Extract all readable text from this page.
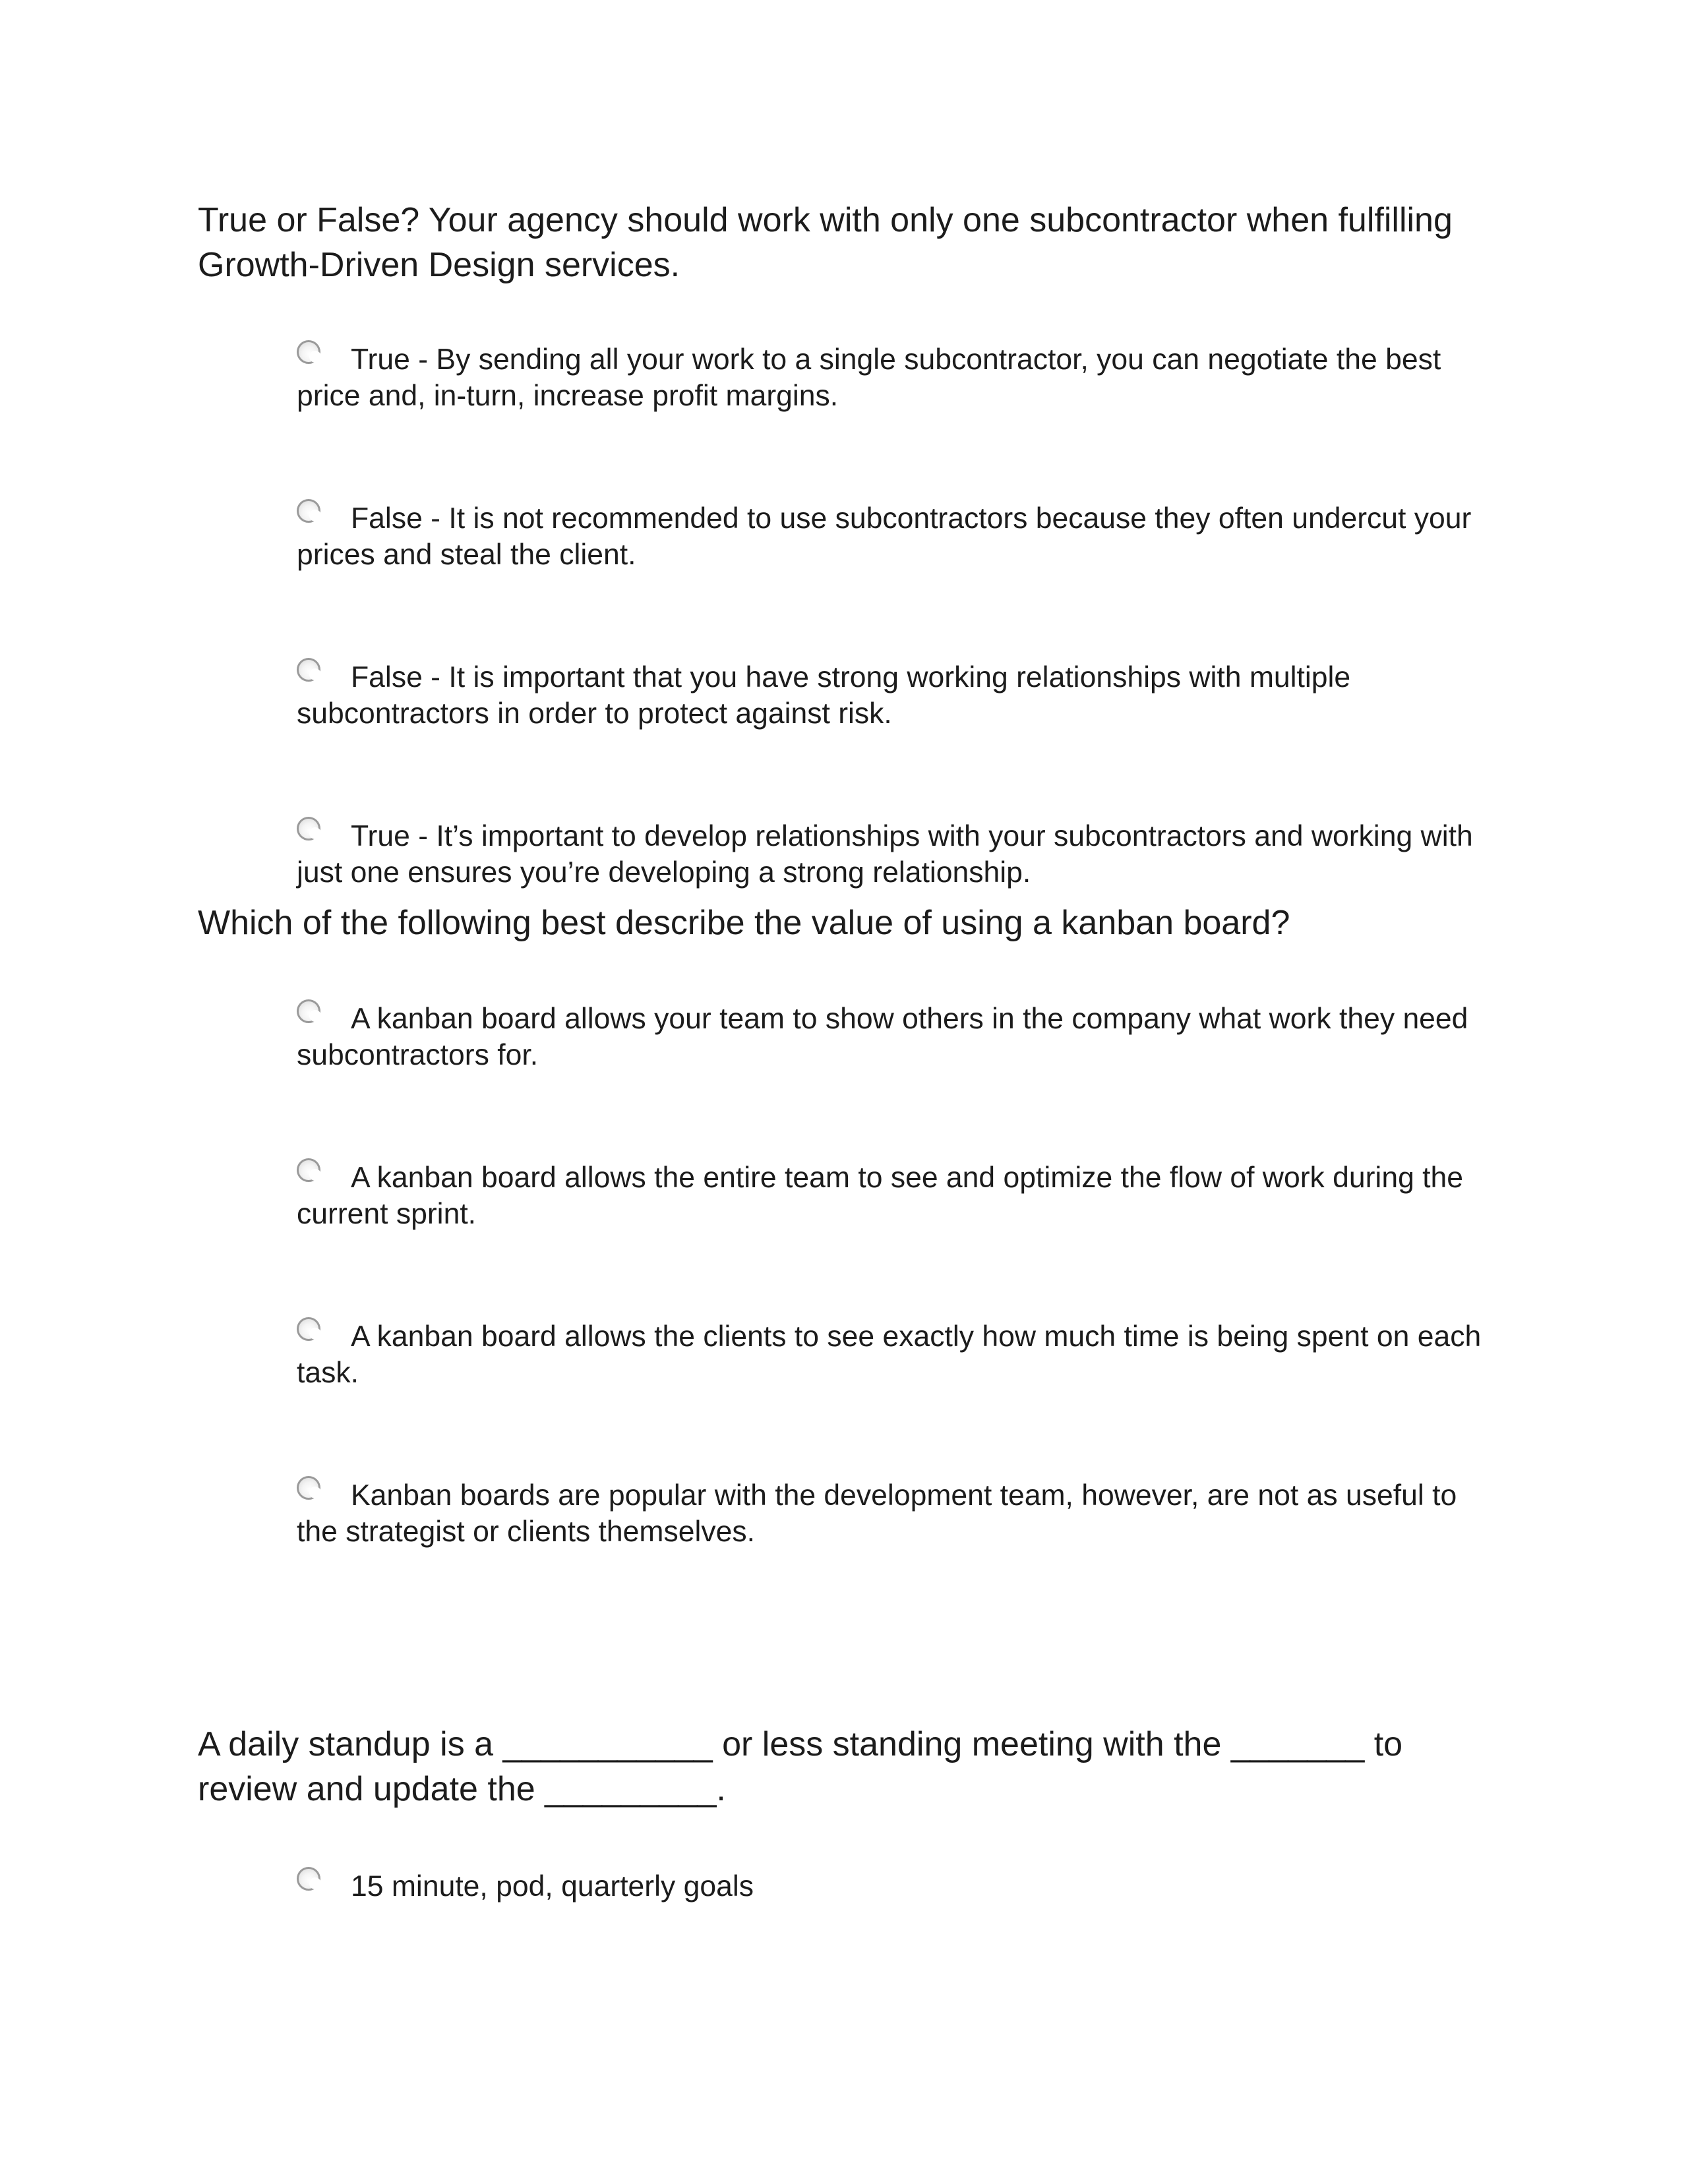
True or False? Your agency should work with only one subcontractor when fulfilling Growth-Driven Design services.

True - By sending all your work to a single subcontractor, you can negotiate the best price and, in-turn, increase profit margins.
False - It is not recommended to use subcontractors because they often undercut your prices and steal the client.
False - It is important that you have strong working relationships with multiple subcontractors in order to protect against risk.
True - It’s important to develop relationships with your subcontractors and working with just one ensures you’re developing a strong relationship.

Which of the following best describe the value of using a kanban board?

A kanban board allows your team to show others in the company what work they need subcontractors for.
A kanban board allows the entire team to see and optimize the flow of work during the current sprint.
A kanban board allows the clients to see exactly how much time is being spent on each task.
Kanban boards are popular with the development team, however, are not as useful to the strategist or clients themselves.

A daily standup is a ___________ or less standing meeting with the _______ to review and update the _________.

15 minute, pod, quarterly goals
